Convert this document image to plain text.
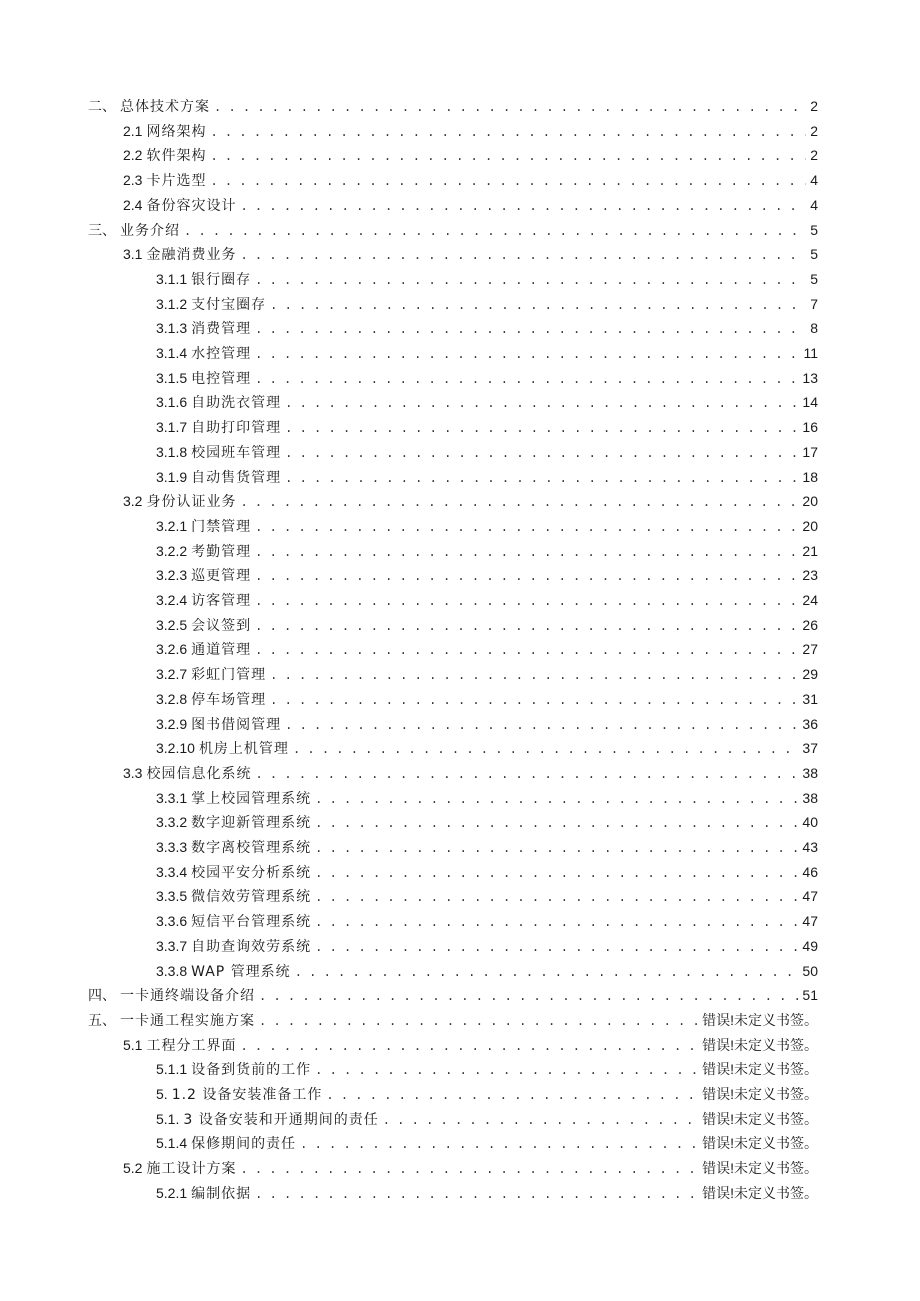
二、 总体技术方案 . . .	2
2.1 网络架构 . . .	2
2.2 软件架构 . . .	2
2.3 卡片选型 . . .	4
2.4 备份容灾设计 . . .	4
三、 业务介绍 . . .	5
3.1 金融消费业务 . . .	5
3.1.1 银行圈存 . . .	5
3.1.2 支付宝圈存 . . .	7
3.1.3 消费管理 . . .	8
3.1.4 水控管理 . . .	11
3.1.5 电控管理 . . .	13
3.1.6 自助洗衣管理 . . .	14
3.1.7 自助打印管理 . . .	16
3.1.8 校园班车管理 . . .	17
3.1.9 自动售货管理 . . .	18
3.2 身份认证业务 . . .	20
3.2.1 门禁管理 . . .	20
3.2.2 考勤管理 . . .	21
3.2.3 巡更管理 . . .	23
3.2.4 访客管理 . . .	24
3.2.5 会议签到 . . .	26
3.2.6 通道管理 . . .	27
3.2.7 彩虹门管理 . . .	29
3.2.8 停车场管理 . . .	31
3.2.9 图书借阅管理 . . .	36
3.2.10 机房上机管理 . . .	37
3.3 校园信息化系统 . . .	38
3.3.1 掌上校园管理系统 . . .	38
3.3.2 数字迎新管理系统 . . .	40
3.3.3 数字离校管理系统 . . .	43
3.3.4 校园平安分析系统 . . .	46
3.3.5 微信效劳管理系统 . . .	47
3.3.6 短信平台管理系统 . . .	47
3.3.7 自助查询效劳系统 . . .	49
3.3.8 WAP 管理系统 . . .	50
四、 一卡通终端设备介绍 . . .	51
五、 一卡通工程实施方案 . . .	错误!未定义书签。
5.1 工程分工界面 . . .	错误!未定义书签。
5.1.1 设备到货前的工作 . . .	错误!未定义书签。
5. 1.2 设备安装准备工作 . . .	错误!未定义书签。
5.1. 3 设备安装和开通期间的责任 . . .	错误!未定义书签。
5.1.4 保修期间的责任 . . .	错误!未定义书签。
5.2 施工设计方案 . . .	错误!未定义书签。
5.2.1 编制依据 . . .	错误!未定义书签。
